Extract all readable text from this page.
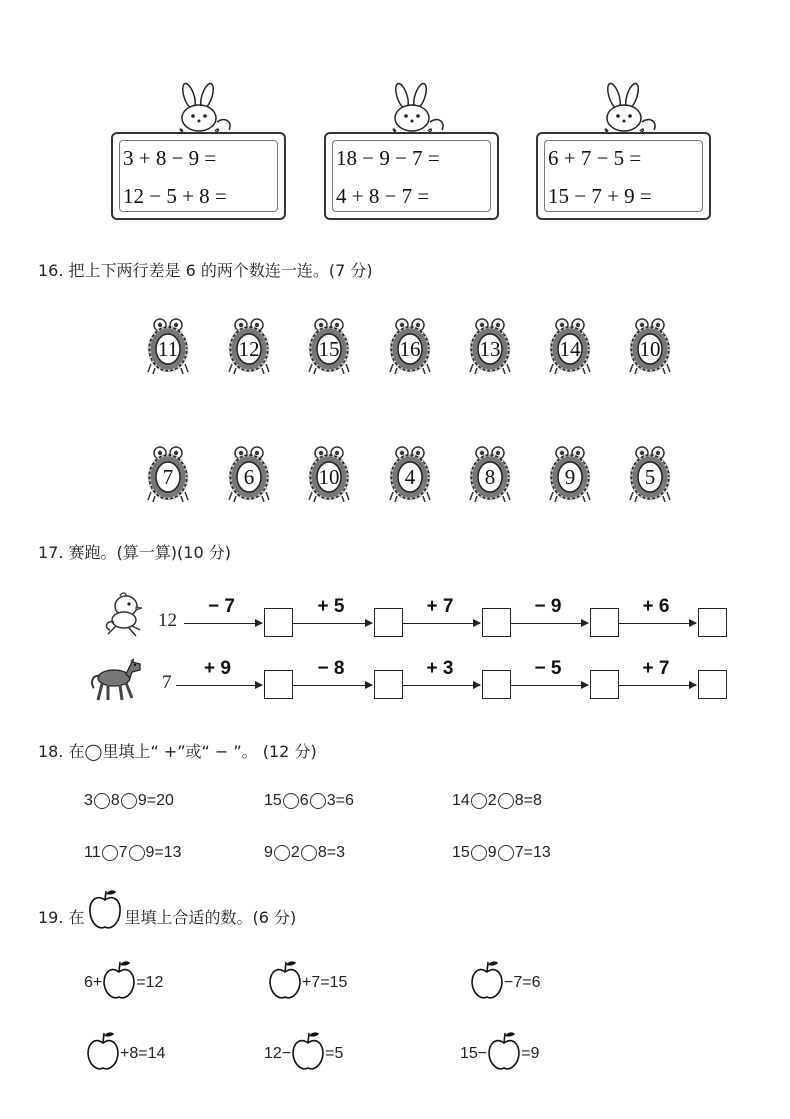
3 + 8 − 9 =
12 − 5 + 8 =
18 − 9 − 7 =
4 + 8 − 7 =
6 + 7 − 5 =
15 − 7 + 9 =
16. 把上下两行差是 6 的两个数连一连。(7 分)
11	12	15	16	13	14	10
7	6	10	4	8	9	5
17. 赛跑。(算一算)(10 分)
12
− 7	+ 5	+ 7	− 9	+ 6
7
+ 9	− 8	+ 3	− 5	+ 7
18. 在◯里填上“ +”或“ − ”。 (12 分)
3 8 9 =20	15 6 3 =6	14 2 8 =8
11 7 9 =13	9 2 8 =3	15 9 7 =13
19. 在	里填上合适的数。(6 分)
6+ =12	+7=15	−7=6
+8=14	12− =5	15− =9
